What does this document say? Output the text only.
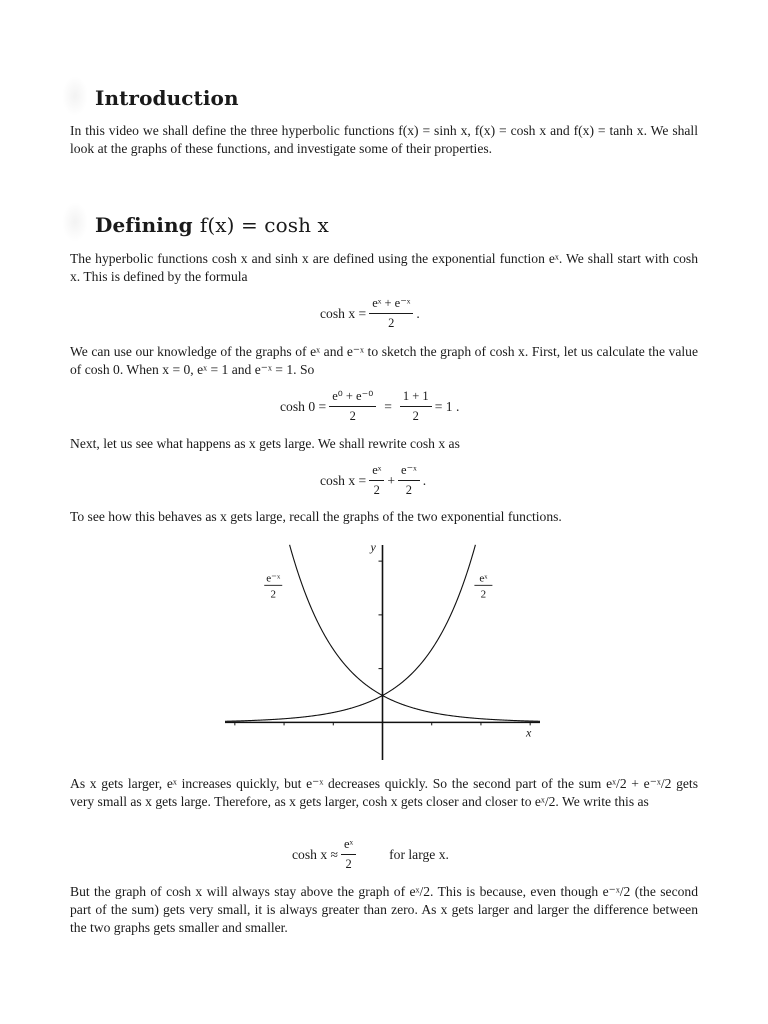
Introduction

In this video we shall define the three hyperbolic functions f(x) = sinh x, f(x) = cosh x and f(x) = tanh x. We shall look at the graphs of these functions, and investigate some of their properties.

Defining f(x) = cosh x

The hyperbolic functions cosh x and sinh x are defined using the exponential function eˣ. We shall start with cosh x. This is defined by the formula

$\cosh x = \frac{\text{eˣ + e⁻ˣ}}{2}$ .

We can use our knowledge of the graphs of eˣ and e⁻ˣ to sketch the graph of cosh x. First, let us calculate the value of cosh 0. When x = 0, eˣ = 1 and e⁻ˣ = 1. So

$\cosh 0 = \frac{\text{e⁰ + e⁻⁰}}{2} = \frac{1 + 1}{2} = 1$ .

Next, let us see what happens as x gets large. We shall rewrite cosh x as

$\cosh x = \frac{\text{eˣ}}{2} + \frac{\text{e⁻ˣ}}{2}$ .

To see how this behaves as x gets large, recall the graphs of the two exponential functions.

y
x
eˣ
2
e⁻ˣ
2

As x gets larger, eˣ increases quickly, but e⁻ˣ decreases quickly. So the second part of the sum eˣ/2 + e⁻ˣ/2 gets very small as x gets large. Therefore, as x gets larger, cosh x gets closer and closer to eˣ/2. We write this as

$\cosh x \approx \frac{\text{eˣ}}{2}$ for large x.

But the graph of cosh x will always stay above the graph of eˣ/2. This is because, even though e⁻ˣ/2 (the second part of the sum) gets very small, it is always greater than zero. As x gets larger and larger the difference between the two graphs gets smaller and smaller.
